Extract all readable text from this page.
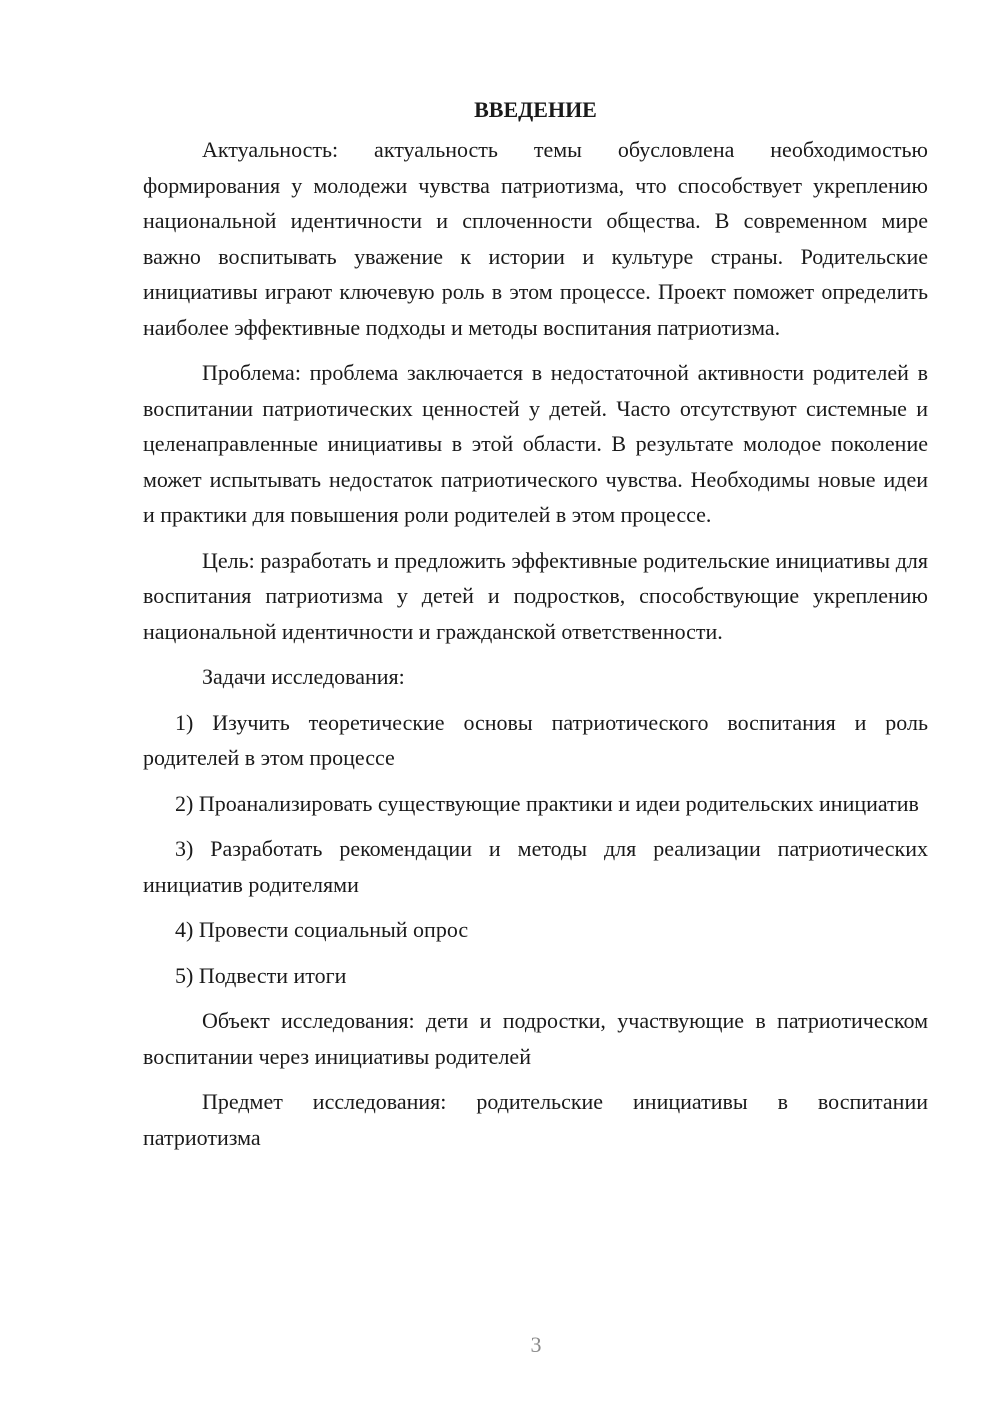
ВВЕДЕНИЕ

Актуальность: актуальность темы обусловлена необходимостью формирования у молодежи чувства патриотизма, что способствует укреплению национальной идентичности и сплоченности общества. В современном мире важно воспитывать уважение к истории и культуре страны. Родительские инициативы играют ключевую роль в этом процессе. Проект поможет определить наиболее эффективные подходы и методы воспитания патриотизма.

Проблема: проблема заключается в недостаточной активности родителей в воспитании патриотических ценностей у детей. Часто отсутствуют системные и целенаправленные инициативы в этой области. В результате молодое поколение может испытывать недостаток патриотического чувства. Необходимы новые идеи и практики для повышения роли родителей в этом процессе.

Цель: разработать и предложить эффективные родительские инициативы для воспитания патриотизма у детей и подростков, способствующие укреплению национальной идентичности и гражданской ответственности.

Задачи исследования:

1) Изучить теоретические основы патриотического воспитания и роль родителей в этом процессе

2) Проанализировать существующие практики и идеи родительских инициатив

3) Разработать рекомендации и методы для реализации патриотических инициатив родителями

4) Провести социальный опрос

5) Подвести итоги

Объект исследования: дети и подростки, участвующие в патриотическом воспитании через инициативы родителей

Предмет исследования: родительские инициативы в воспитании патриотизма

3
